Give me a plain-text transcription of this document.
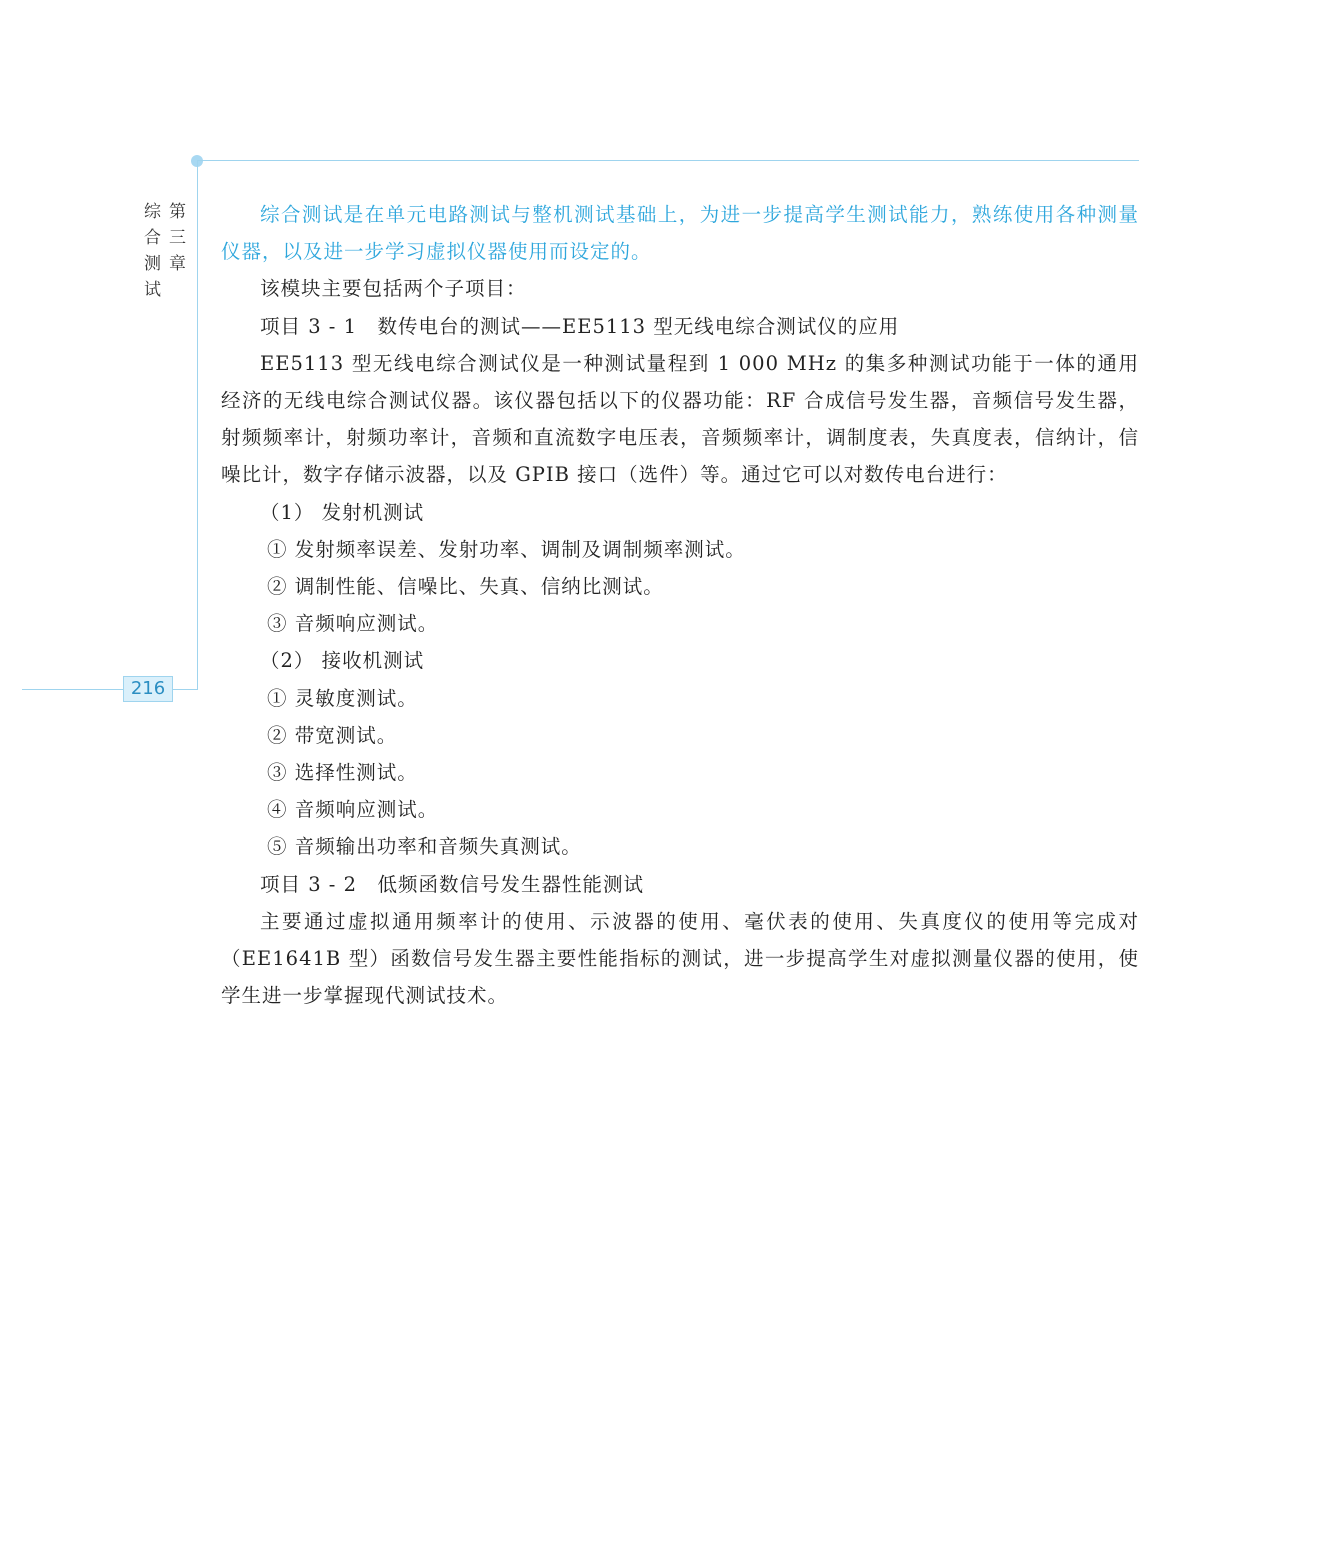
216
第三章
综合测试	综合测试是在单元电路测试与整机测试基础上，为进一步提高学生测试能力，熟练使用各种测量仪器，以及进一步学习虚拟仪器使用而设定的。

该模块主要包括两个子项目：

项目 3 - 1　数传电台的测试——EE5113 型无线电综合测试仪的应用

EE5113 型无线电综合测试仪是一种测试量程到 1 000 MHz 的集多种测试功能于一体的通用经济的无线电综合测试仪器。该仪器包括以下的仪器功能：RF 合成信号发生器，音频信号发生器，射频频率计，射频功率计，音频和直流数字电压表，音频频率计，调制度表，失真度表，信纳计，信噪比计，数字存储示波器，以及 GPIB 接口（选件）等。通过它可以对数传电台进行：

（1） 发射机测试

① 发射频率误差、发射功率、调制及调制频率测试。

② 调制性能、信噪比、失真、信纳比测试。

③ 音频响应测试。

（2） 接收机测试

① 灵敏度测试。

② 带宽测试。

③ 选择性测试。

④ 音频响应测试。

⑤ 音频输出功率和音频失真测试。

项目 3 - 2　低频函数信号发生器性能测试

主要通过虚拟通用频率计的使用、示波器的使用、毫伏表的使用、失真度仪的使用等完成对（EE1641B 型）函数信号发生器主要性能指标的测试，进一步提高学生对虚拟测量仪器的使用，使学生进一步掌握现代测试技术。
